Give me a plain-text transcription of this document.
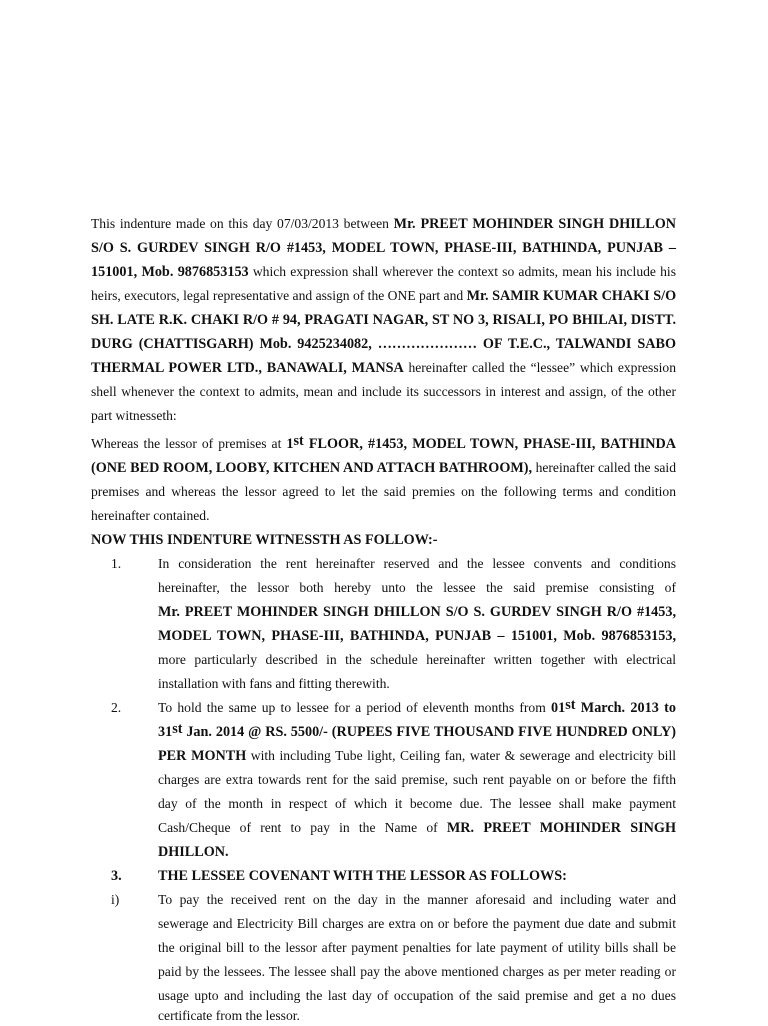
This indenture made on this day 07/03/2013 between Mr. PREET MOHINDER SINGH DHILLON
S/O S. GURDEV SINGH R/O #1453, MODEL TOWN, PHASE-III, BATHINDA, PUNJAB –
151001, Mob. 9876853153 which expression shall wherever the context so admits, mean his include his
heirs, executors, legal representative and assign of the ONE part and Mr. SAMIR KUMAR CHAKI S/O
SH. LATE R.K. CHAKI R/O # 94, PRAGATI NAGAR, ST NO 3, RISALI, PO BHILAI, DISTT.
DURG (CHATTISGARH) Mob. 9425234082, ………………… OF T.E.C., TALWANDI SABO
THERMAL POWER LTD., BANAWALI, MANSA hereinafter called the “lessee” which expression
shell whenever the context to admits, mean and include its successors in interest and assign, of the other
part witnesseth:
Whereas the lessor of premises at 1st FLOOR, #1453, MODEL TOWN, PHASE-III, BATHINDA
(ONE BED ROOM, LOOBY, KITCHEN AND ATTACH BATHROOM), hereinafter called the said
premises and whereas the lessor agreed to let the said premies on the following terms and condition
hereinafter contained.
NOW THIS INDENTURE WITNESSTH AS FOLLOW:-
1.	In consideration the rent hereinafter reserved and the lessee convents and conditions
hereinafter, the lessor both hereby unto the lessee the said premise consisting of
Mr. PREET MOHINDER SINGH DHILLON S/O S. GURDEV SINGH R/O #1453,
MODEL TOWN, PHASE-III, BATHINDA, PUNJAB – 151001, Mob. 9876853153,
more particularly described in the schedule hereinafter written together with electrical
installation with fans and fitting therewith.
2.	To hold the same up to lessee for a period of eleventh months from 01st March. 2013 to
31st Jan. 2014 @ RS. 5500/- (RUPEES FIVE THOUSAND FIVE HUNDRED ONLY)
PER MONTH with including Tube light, Ceiling fan, water & sewerage and electricity bill
charges are extra towards rent for the said premise, such rent payable on or before the fifth
day of the month in respect of which it become due. The lessee shall make payment
Cash/Cheque of rent to pay in the Name of MR. PREET MOHINDER SINGH
DHILLON.
3.	THE LESSEE COVENANT WITH THE LESSOR AS FOLLOWS:
i)	To pay the received rent on the day in the manner aforesaid and including water and
sewerage and Electricity Bill charges are extra on or before the payment due date and submit
the original bill to the lessor after payment penalties for late payment of utility bills shall be
paid by the lessees. The lessee shall pay the above mentioned charges as per meter reading or
usage upto and including the last day of occupation of the said premise and get a no dues
certificate from the lessor.
